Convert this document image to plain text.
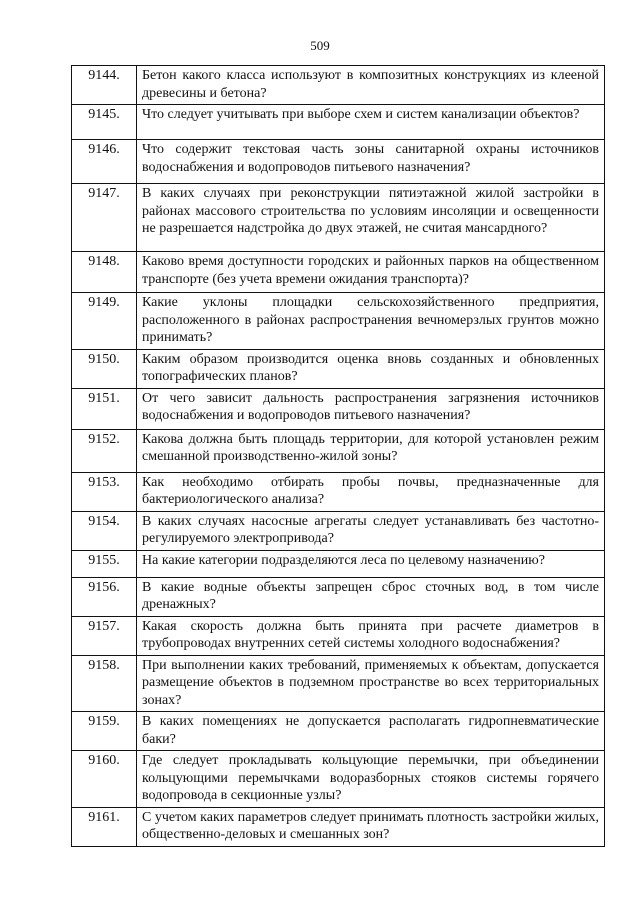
509
9144.	Бетон какого класса используют в композитных конструкциях из клееной древесины и бетона?
9145.	Что следует учитывать при выборе схем и систем канализации объектов?
9146.	Что содержит текстовая часть зоны санитарной охраны источников водоснабжения и водопроводов питьевого назначения?
9147.	В каких случаях при реконструкции пятиэтажной жилой застройки в районах массового строительства по условиям инсоляции и освещенности не разрешается надстройка до двух этажей, не считая мансардного?
9148.	Каково время доступности городских и районных парков на общественном транспорте (без учета времени ожидания транспорта)?
9149.	Какие уклоны площадки сельскохозяйственного предприятия, расположенного в районах распространения вечномерзлых грунтов можно принимать?
9150.	Каким образом производится оценка вновь созданных и обновленных топографических планов?
9151.	От чего зависит дальность распространения загрязнения источников водоснабжения и водопроводов питьевого назначения?
9152.	Какова должна быть площадь территории, для которой установлен режим смешанной производственно-жилой зоны?
9153.	Как необходимо отбирать пробы почвы, предназначенные для бактериологического анализа?
9154.	В каких случаях насосные агрегаты следует устанавливать без частотно-регулируемого электропривода?
9155.	На какие категории подразделяются леса по целевому назначению?
9156.	В какие водные объекты запрещен сброс сточных вод, в том числе дренажных?
9157.	Какая скорость должна быть принята при расчете диаметров в трубопроводах внутренних сетей системы холодного водоснабжения?
9158.	При выполнении каких требований, применяемых к объектам, допускается размещение объектов в подземном пространстве во всех территориальных зонах?
9159.	В каких помещениях не допускается располагать гидропневматические баки?
9160.	Где следует прокладывать кольцующие перемычки, при объединении кольцующими перемычками водоразборных стояков системы горячего водопровода в секционные узлы?
9161.	С учетом каких параметров следует принимать плотность застройки жилых, общественно-деловых и смешанных зон?
